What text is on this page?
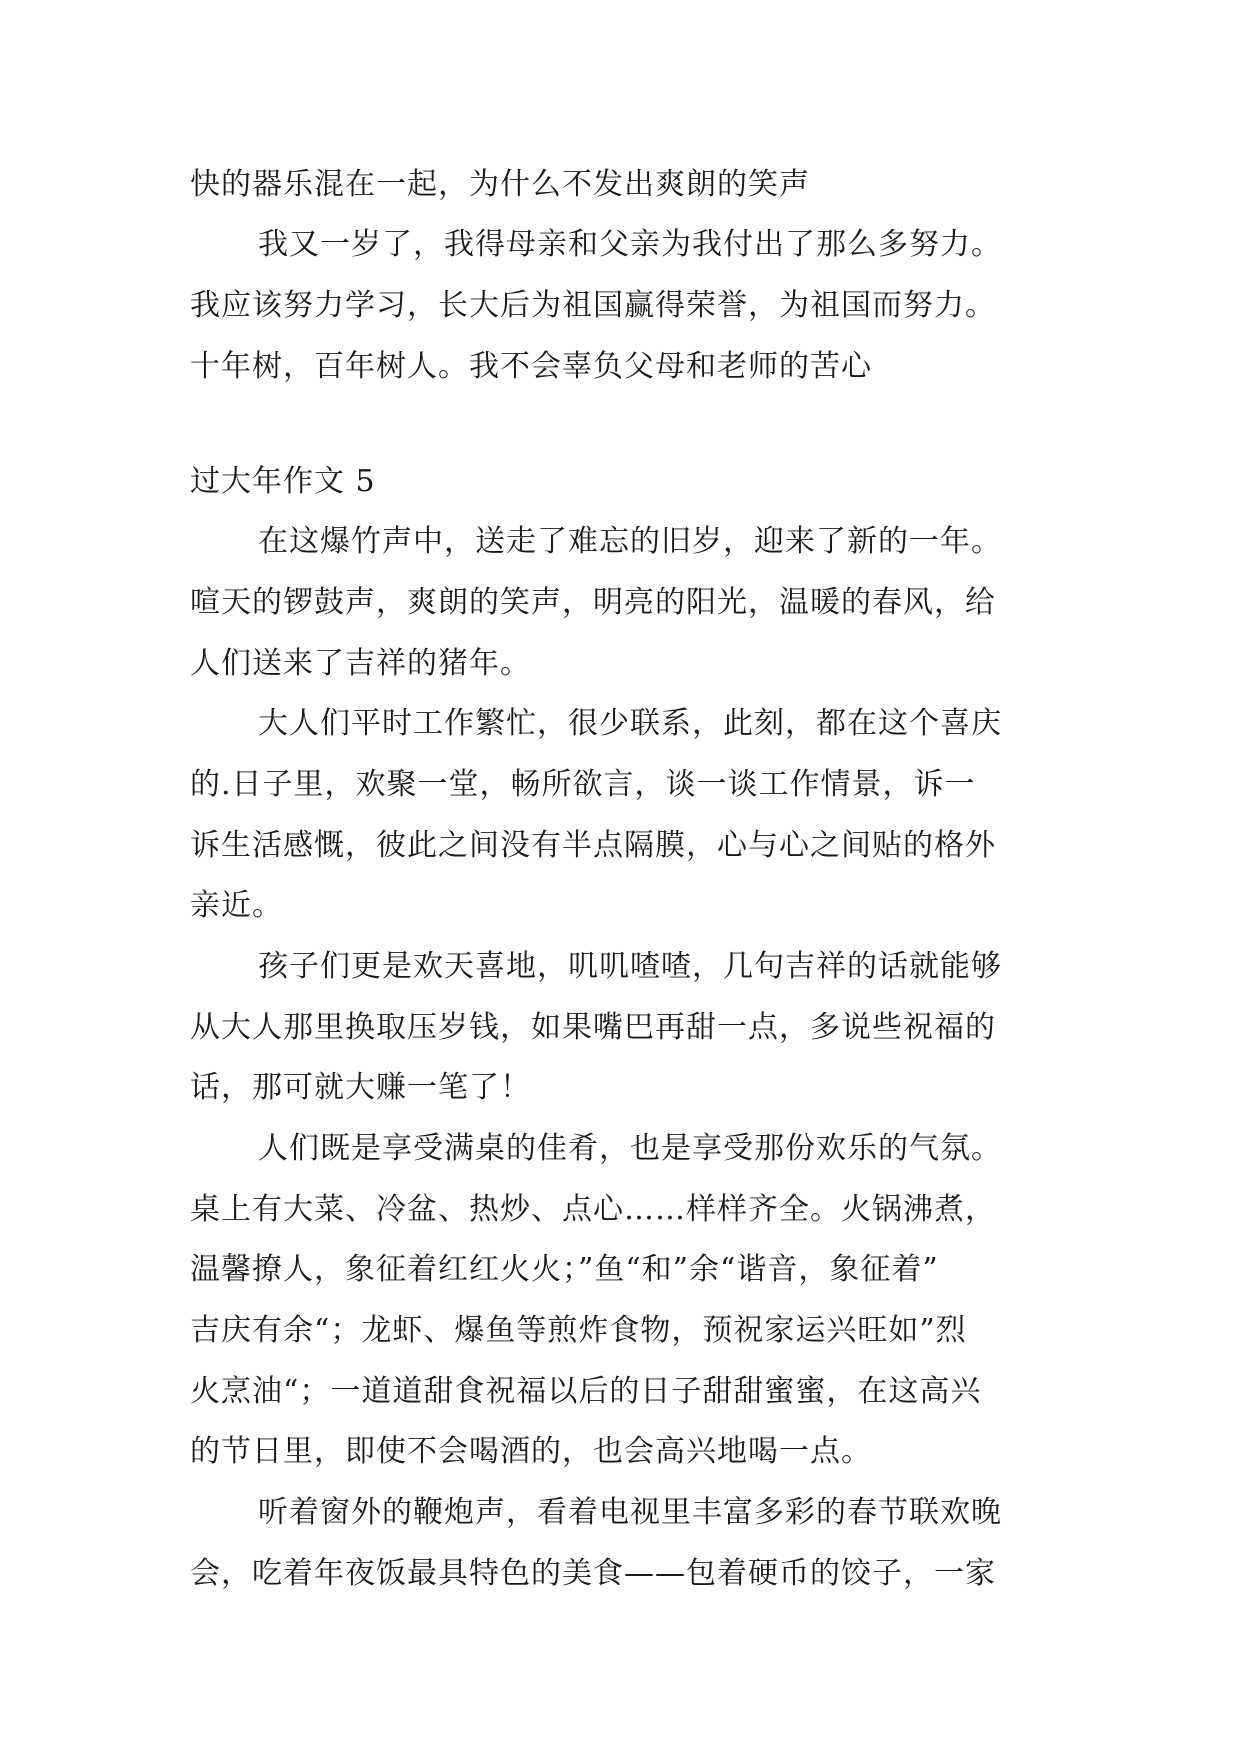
快的器乐混在一起，为什么不发出爽朗的笑声
我又一岁了，我得母亲和父亲为我付出了那么多努力。
我应该努力学习，长大后为祖国赢得荣誉，为祖国而努力。
十年树，百年树人。我不会辜负父母和老师的苦心
过大年作文 5
在这爆竹声中，送走了难忘的旧岁，迎来了新的一年。
喧天的锣鼓声，爽朗的笑声，明亮的阳光，温暖的春风，给
人们送来了吉祥的猪年。
大人们平时工作繁忙，很少联系，此刻，都在这个喜庆
的.日子里，欢聚一堂，畅所欲言，谈一谈工作情景，诉一
诉生活感慨，彼此之间没有半点隔膜，心与心之间贴的格外
亲近。
孩子们更是欢天喜地，叽叽喳喳，几句吉祥的话就能够
从大人那里换取压岁钱，如果嘴巴再甜一点，多说些祝福的
话，那可就大赚一笔了！
人们既是享受满桌的佳肴，也是享受那份欢乐的气氛。
桌上有大菜、冷盆、热炒、点心……样样齐全。火锅沸煮，
温馨撩人，象征着红红火火；”鱼“和”余“谐音，象征着”
吉庆有余“；龙虾、爆鱼等煎炸食物，预祝家运兴旺如”烈
火烹油“；一道道甜食祝福以后的日子甜甜蜜蜜，在这高兴
的节日里，即使不会喝酒的，也会高兴地喝一点。
听着窗外的鞭炮声，看着电视里丰富多彩的春节联欢晚
会，吃着年夜饭最具特色的美食——包着硬币的饺子，一家
